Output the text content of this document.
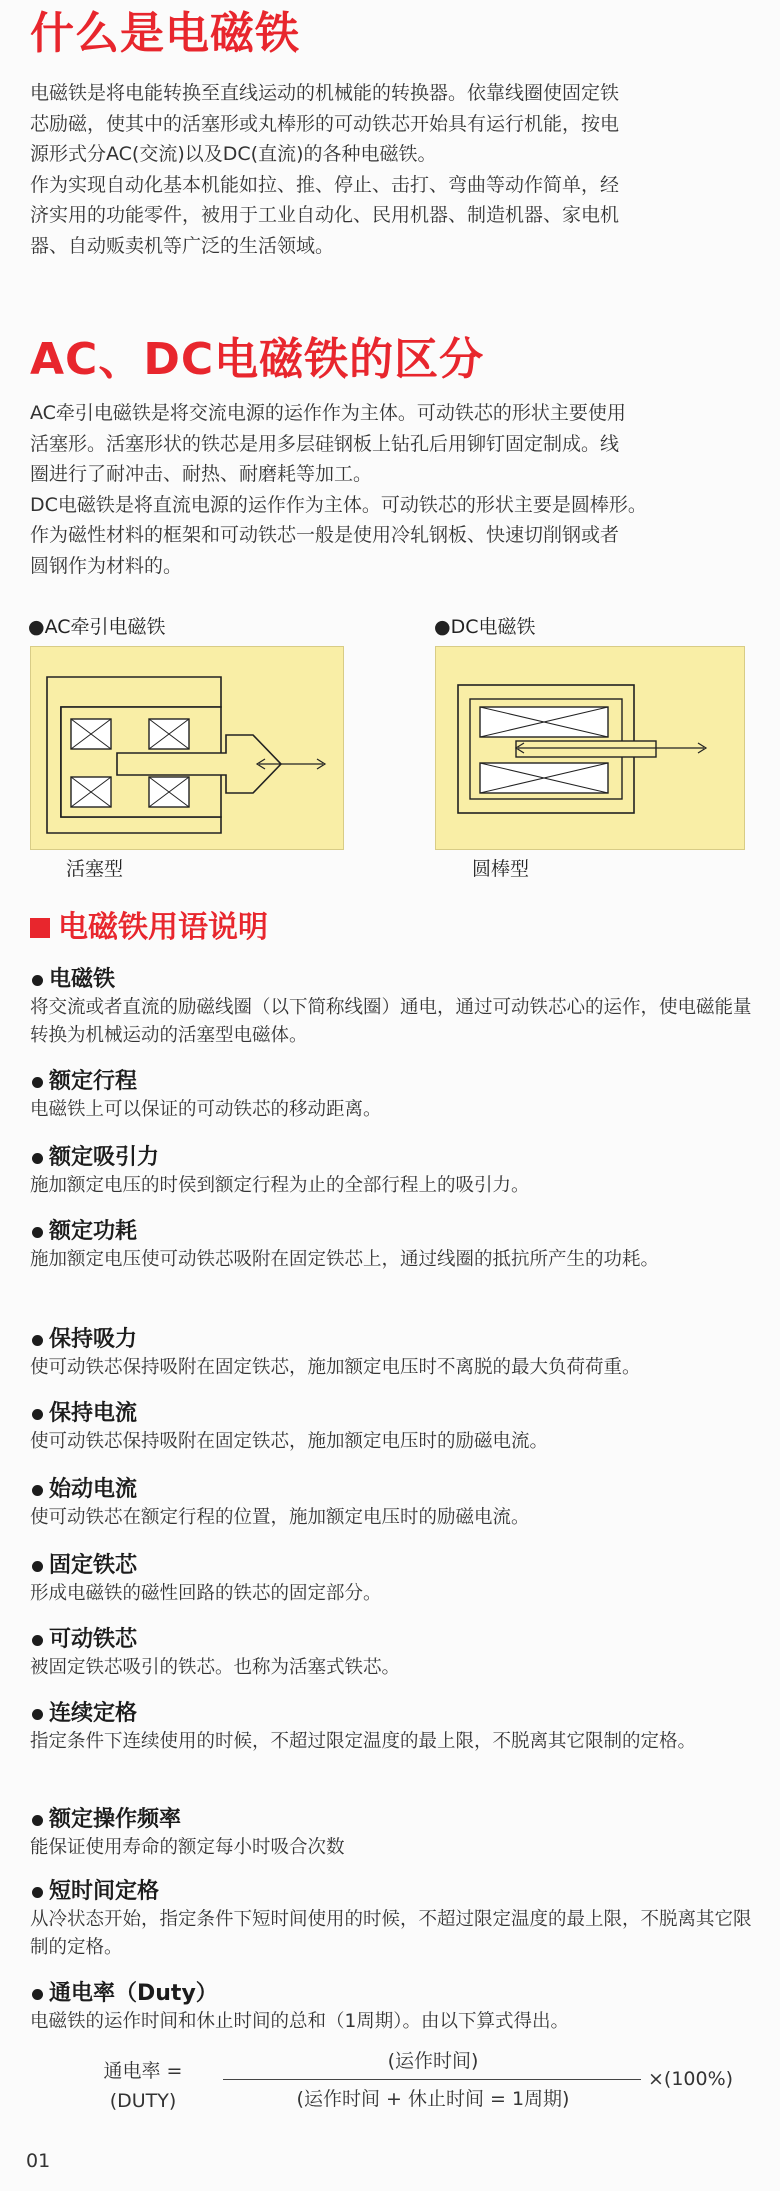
什么是电磁铁

电磁铁是将电能转换至直线运动的机械能的转换器。依靠线圈使固定铁

芯励磁，使其中的活塞形或丸棒形的可动铁芯开始具有运行机能，按电

源形式分AC(交流)以及DC(直流)的各种电磁铁。

作为实现自动化基本机能如拉、推、停止、击打、弯曲等动作简单，经

济实用的功能零件，被用于工业自动化、民用机器、制造机器、家电机

器、自动贩卖机等广泛的生活领域。

AC、DC电磁铁的区分

AC牵引电磁铁是将交流电源的运作作为主体。可动铁芯的形状主要使用

活塞形。活塞形状的铁芯是用多层硅钢板上钻孔后用铆钉固定制成。线

圈进行了耐冲击、耐热、耐磨耗等加工。

DC电磁铁是将直流电源的运作作为主体。可动铁芯的形状主要是圆棒形。

作为磁性材料的框架和可动铁芯一般是使用冷轧钢板、快速切削钢或者

圆钢作为材料的。

●AC牵引电磁铁
活塞型
●DC电磁铁
圆棒型
电磁铁用语说明
电磁铁
将交流或者直流的励磁线圈（以下简称线圈）通电，通过可动铁芯心的运作，使电磁能量转换为机械运动的活塞型电磁体。
额定行程
电磁铁上可以保证的可动铁芯的移动距离。
额定吸引力
施加额定电压的时侯到额定行程为止的全部行程上的吸引力。
额定功耗
施加额定电压使可动铁芯吸附在固定铁芯上，通过线圈的抵抗所产生的功耗。
保持吸力
使可动铁芯保持吸附在固定铁芯，施加额定电压时不离脱的最大负荷荷重。
保持电流
使可动铁芯保持吸附在固定铁芯，施加额定电压时的励磁电流。
始动电流
使可动铁芯在额定行程的位置，施加额定电压时的励磁电流。
固定铁芯
形成电磁铁的磁性回路的铁芯的固定部分。
可动铁芯
被固定铁芯吸引的铁芯。也称为活塞式铁芯。
连续定格
指定条件下连续使用的时候，不超过限定温度的最上限，不脱离其它限制的定格。
额定操作频率
能保证使用寿命的额定每小时吸合次数
短时间定格
从冷状态开始，指定条件下短时间使用的时候，不超过限定温度的最上限，不脱离其它限制的定格。
通电率（Duty）
电磁铁的运作时间和休止时间的总和（1周期）。由以下算式得出。
通电率 =
(DUTY)
(运作时间)
(运作时间 + 休止时间 = 1周期)
×(100%)
01
